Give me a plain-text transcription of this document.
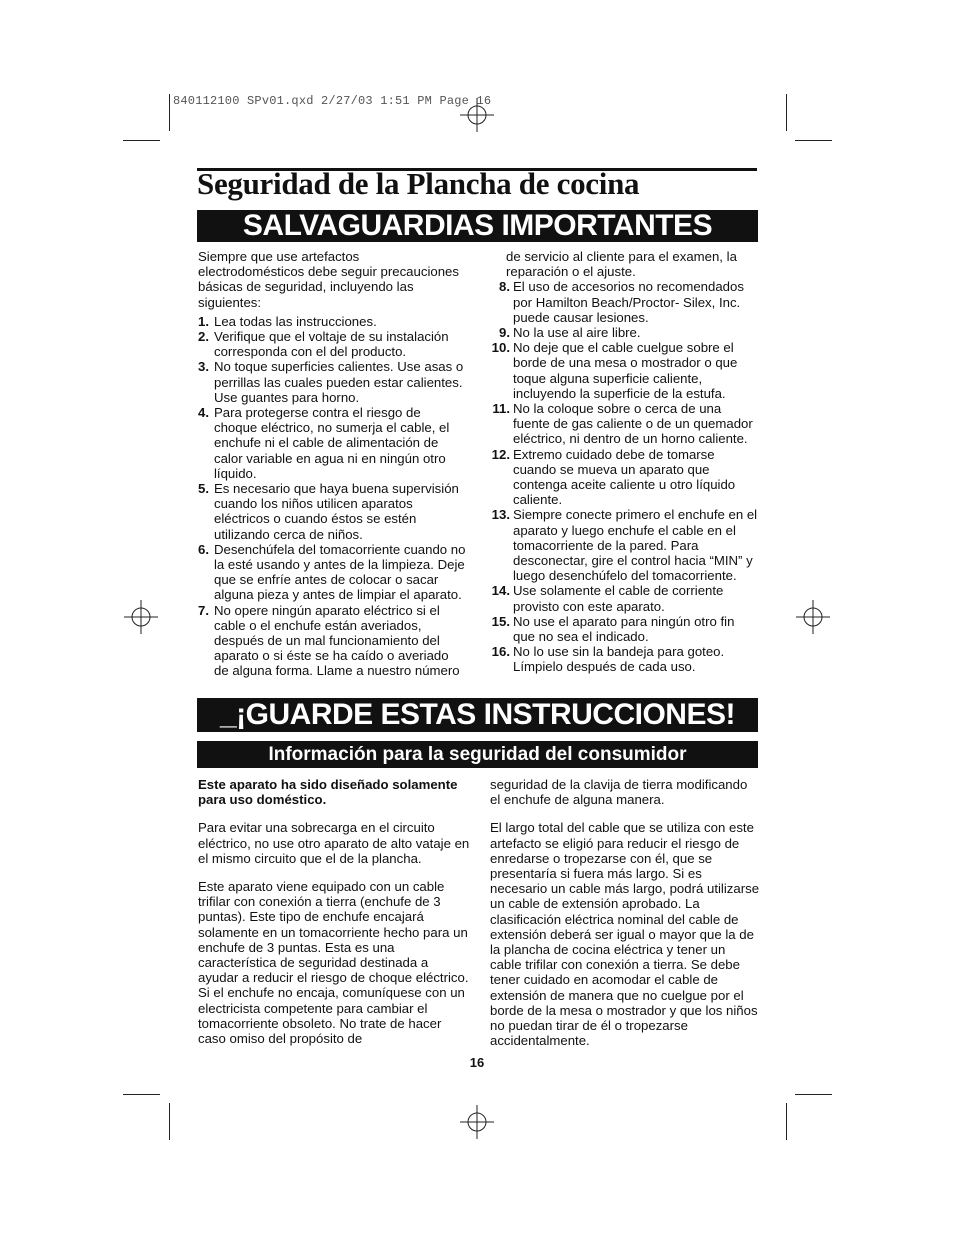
840112100 SPv01.qxd 2/27/03 1:51 PM Page 16
Seguridad de la Plancha de cocina
SALVAGUARDIAS IMPORTANTES

Siempre que use artefactos electrodomésticos debe seguir precauciones básicas de seguridad, incluyendo las siguientes:

1. Lea todas las instrucciones.
2. Verifique que el voltaje de su instalación corresponda con el del producto.
3. No toque superficies calientes. Use asas o perrillas las cuales pueden estar calientes. Use guantes para horno.
4. Para protegerse contra el riesgo de choque eléctrico, no sumerja el cable, el enchufe ni el cable de alimentación de calor variable en agua ni en ningún otro líquido.
5. Es necesario que haya buena supervisión cuando los niños utilicen aparatos eléctricos o cuando éstos se estén utilizando cerca de niños.
6. Desenchúfela del tomacorriente cuando no la esté usando y antes de la limpieza. Deje que se enfríe antes de colocar o sacar alguna pieza y antes de limpiar el aparato.
7. No opere ningún aparato eléctrico si el cable o el enchufe están averiados, después de un mal funcionamiento del aparato o si éste se ha caído o averiado de alguna forma. Llame a nuestro número

de servicio al cliente para el examen, la reparación o el ajuste.

8. El uso de accesorios no recomendados por Hamilton Beach/Proctor- Silex, Inc. puede causar lesiones.
9. No la use al aire libre.
10. No deje que el cable cuelgue sobre el borde de una mesa o mostrador o que toque alguna superficie caliente, incluyendo la superficie de la estufa.
11. No la coloque sobre o cerca de una fuente de gas caliente o de un quemador eléctrico, ni dentro de un horno caliente.
12. Extremo cuidado debe de tomarse cuando se mueva un aparato que contenga aceite caliente u otro líquido caliente.
13. Siempre conecte primero el enchufe en el aparato y luego enchufe el cable en el tomacorriente de la pared. Para desconectar, gire el control hacia “MIN” y luego desenchúfelo del tomacorriente.
14. Use solamente el cable de corriente provisto con este aparato.
15. No use el aparato para ningún otro fin que no sea el indicado.
16. No lo use sin la bandeja para goteo. Límpielo después de cada uso.
_¡GUARDE ESTAS INSTRUCCIONES!
Información para la seguridad del consumidor

Este aparato ha sido diseñado solamente para uso doméstico.

Para evitar una sobrecarga en el circuito eléctrico, no use otro aparato de alto vataje en el mismo circuito que el de la plancha.

Este aparato viene equipado con un cable trifilar con conexión a tierra (enchufe de 3 puntas). Este tipo de enchufe encajará solamente en un tomacorriente hecho para un enchufe de 3 puntas. Esta es una característica de seguridad destinada a ayudar a reducir el riesgo de choque eléctrico. Si el enchufe no encaja, comuníquese con un electricista competente para cambiar el tomacorriente obsoleto. No trate de hacer caso omiso del propósito de

seguridad de la clavija de tierra modificando el enchufe de alguna manera.

El largo total del cable que se utiliza con este artefacto se eligió para reducir el riesgo de enredarse o tropezarse con él, que se presentaría si fuera más largo. Si es necesario un cable más largo, podrá utilizarse un cable de extensión aprobado. La clasificación eléctrica nominal del cable de extensión deberá ser igual o mayor que la de la plancha de cocina eléctrica y tener un cable trifilar con conexión a tierra. Se debe tener cuidado en acomodar el cable de extensión de manera que no cuelgue por el borde de la mesa o mostrador y que los niños no puedan tirar de él o tropezarse accidentalmente.

16
